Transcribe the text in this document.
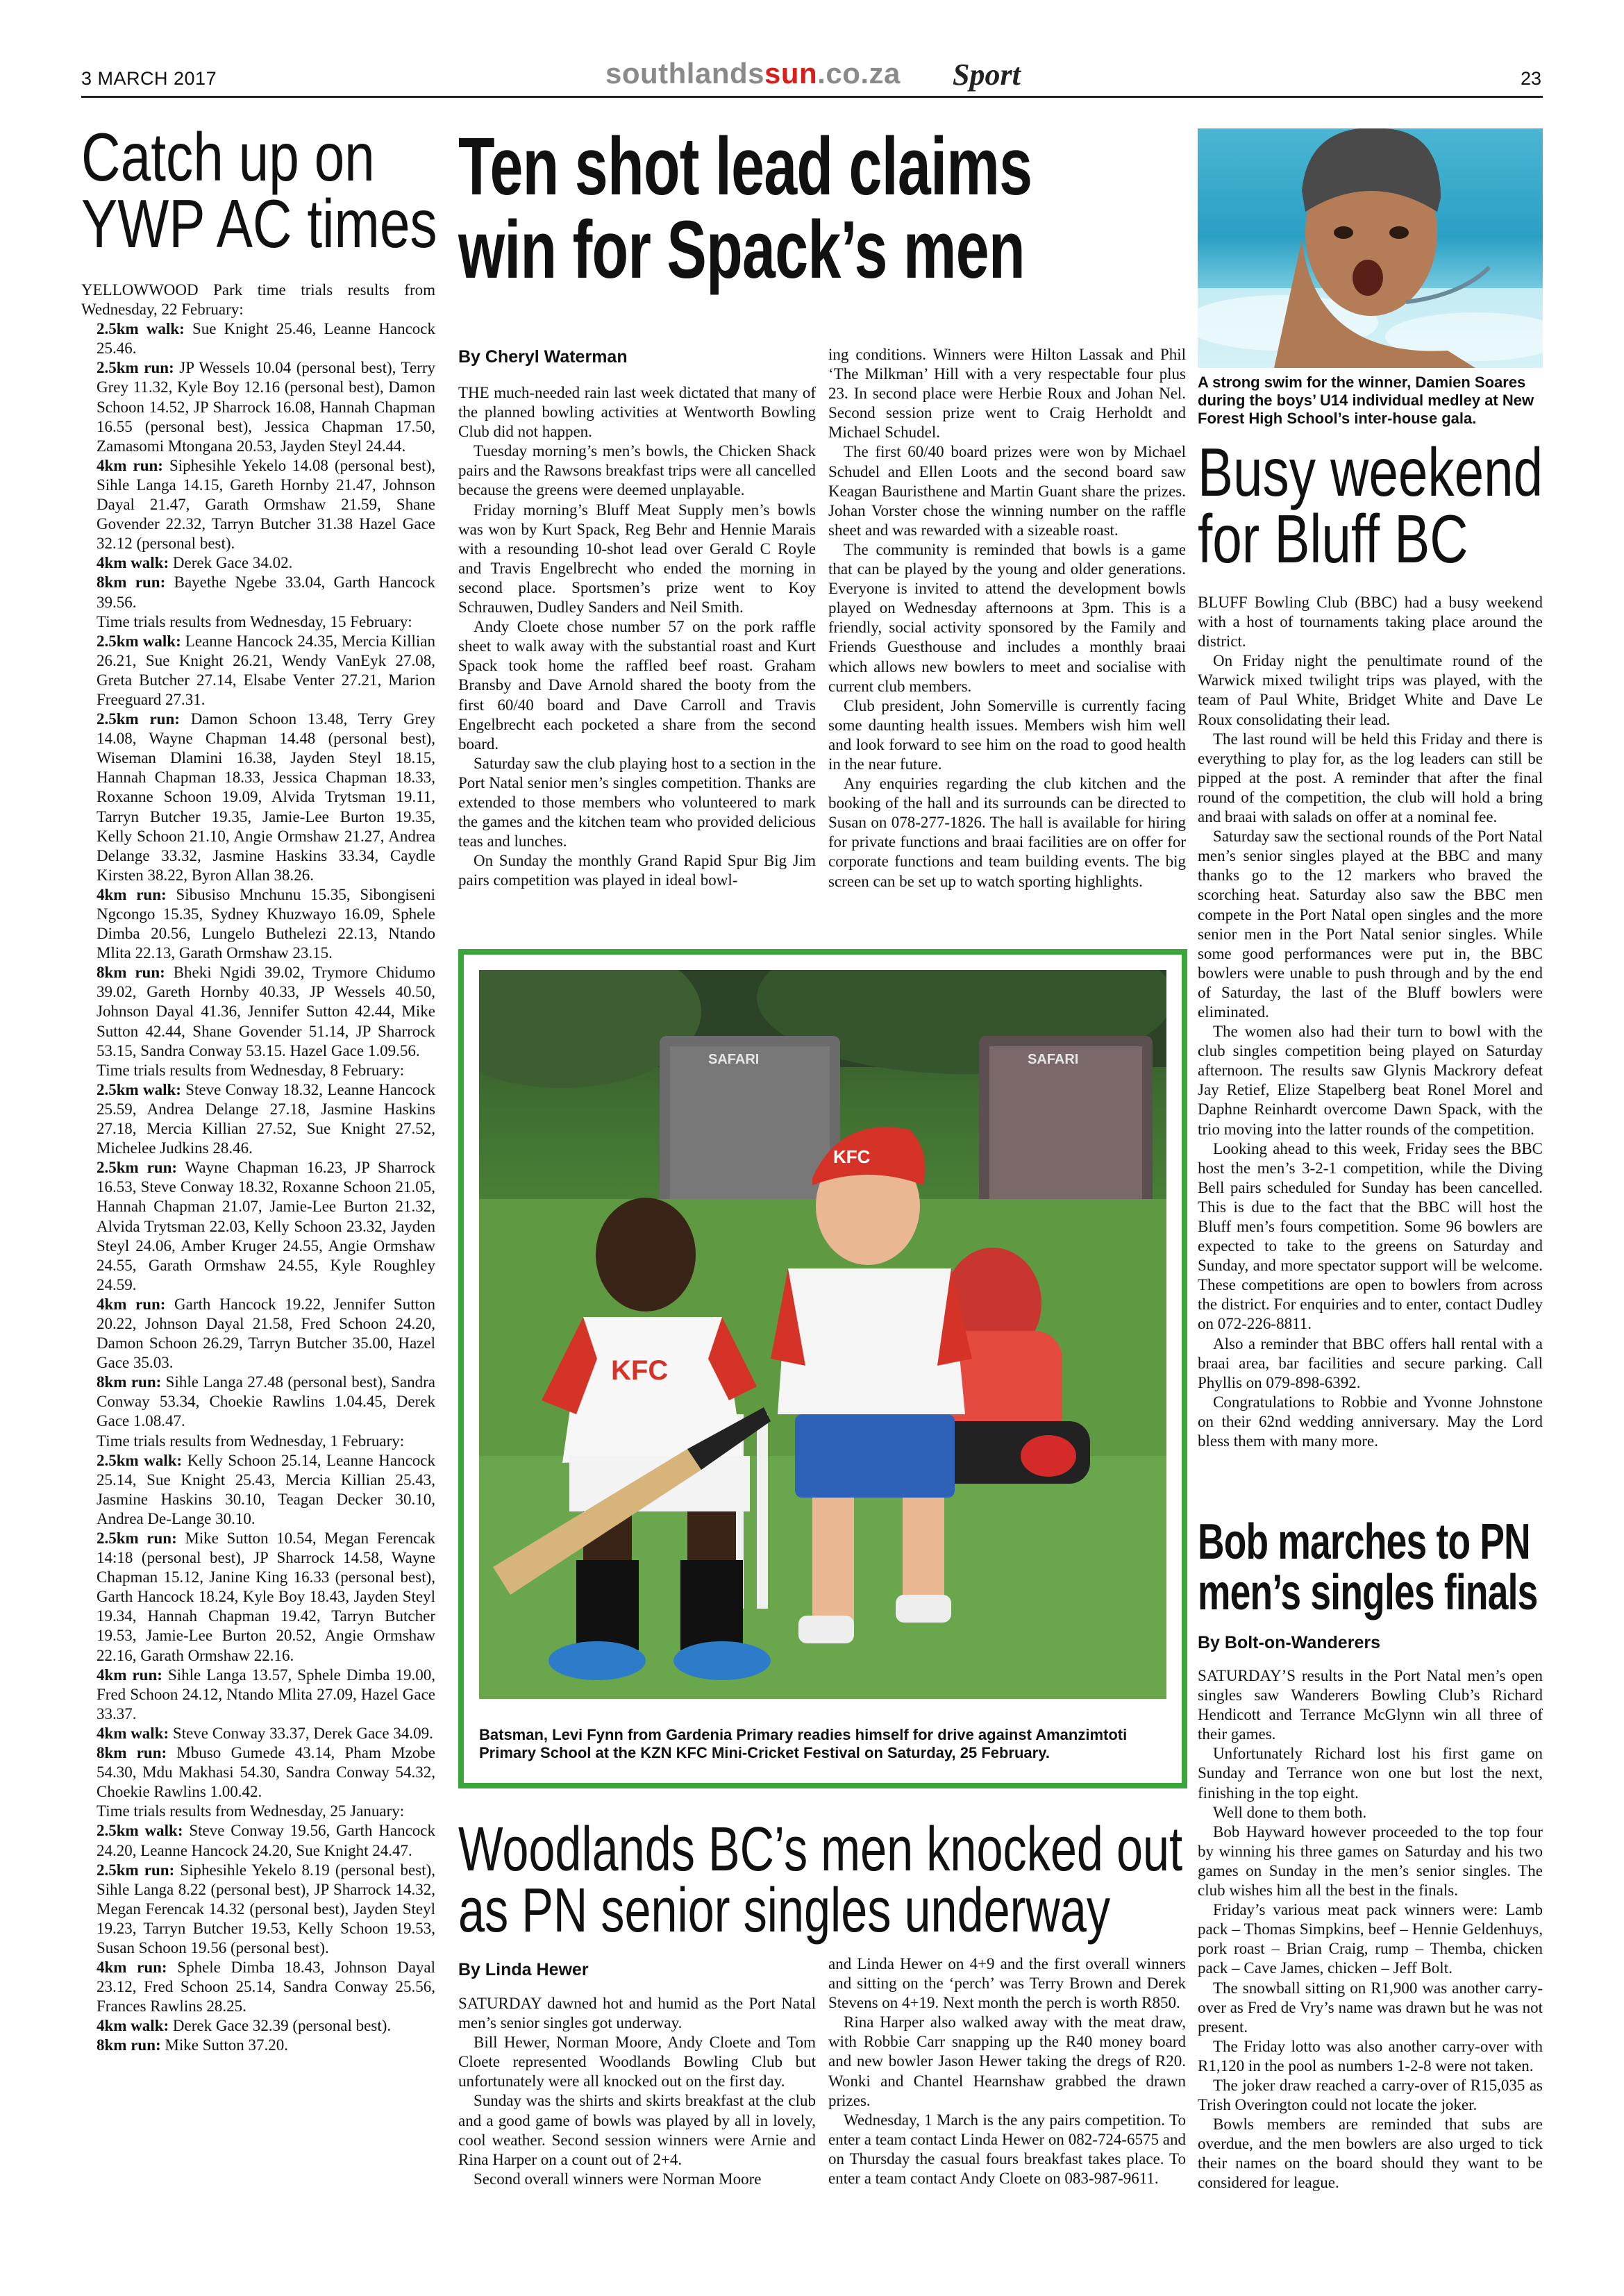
3 MARCH 2017	southlandssun.co.za Sport	23
Catch up on
YWP AC times

YELLOWWOOD Park time trials results from Wednesday, 22 February:

2.5km walk: Sue Knight 25.46, Leanne Hancock 25.46.

2.5km run: JP Wessels 10.04 (personal best), Terry Grey 11.32, Kyle Boy 12.16 (personal best), Damon Schoon 14.52, JP Sharrock 16.08, Hannah Chapman 16.55 (personal best), Jessica Chapman 17.50, Zamasomi Mtongana 20.53, Jayden Steyl 24.44.

4km run: Siphesihle Yekelo 14.08 (personal best), Sihle Langa 14.15, Gareth Hornby 21.47, Johnson Dayal 21.47, Garath Ormshaw 21.59, Shane Govender 22.32, Tarryn Butcher 31.38 Hazel Gace 32.12 (personal best).

4km walk: Derek Gace 34.02.

8km run: Bayethe Ngebe 33.04, Garth Hancock 39.56.

Time trials results from Wednesday, 15 February:

2.5km walk: Leanne Hancock 24.35, Mercia Killian 26.21, Sue Knight 26.21, Wendy VanEyk 27.08, Greta Butcher 27.14, Elsabe Venter 27.21, Marion Freeguard 27.31.

2.5km run: Damon Schoon 13.48, Terry Grey 14.08, Wayne Chapman 14.48 (personal best), Wiseman Dlamini 16.38, Jayden Steyl 18.15, Hannah Chapman 18.33, Jessica Chapman 18.33, Roxanne Schoon 19.09, Alvida Trytsman 19.11, Tarryn Butcher 19.35, Jamie-Lee Burton 19.35, Kelly Schoon 21.10, Angie Ormshaw 21.27, Andrea Delange 33.32, Jasmine Haskins 33.34, Caydle Kirsten 38.22, Byron Allan 38.26.

4km run: Sibusiso Mnchunu 15.35, Sibongiseni Ngcongo 15.35, Sydney Khuzwayo 16.09, Sphele Dimba 20.56, Lungelo Buthelezi 22.13, Ntando Mlita 22.13, Garath Ormshaw 23.15.

8km run: Bheki Ngidi 39.02, Trymore Chidumo 39.02, Gareth Hornby 40.33, JP Wessels 40.50, Johnson Dayal 41.36, Jennifer Sutton 42.44, Mike Sutton 42.44, Shane Govender 51.14, JP Sharrock 53.15, Sandra Conway 53.15. Hazel Gace 1.09.56.

Time trials results from Wednesday, 8 February:

2.5km walk: Steve Conway 18.32, Leanne Hancock 25.59, Andrea Delange 27.18, Jasmine Haskins 27.18, Mercia Killian 27.52, Sue Knight 27.52, Michelee Judkins 28.46.

2.5km run: Wayne Chapman 16.23, JP Sharrock 16.53, Steve Conway 18.32, Roxanne Schoon 21.05, Hannah Chapman 21.07, Jamie-Lee Burton 21.32, Alvida Trytsman 22.03, Kelly Schoon 23.32, Jayden Steyl 24.06, Amber Kruger 24.55, Angie Ormshaw 24.55, Garath Ormshaw 24.55, Kyle Roughley 24.59.

4km run: Garth Hancock 19.22, Jennifer Sutton 20.22, Johnson Dayal 21.58, Fred Schoon 24.20, Damon Schoon 26.29, Tarryn Butcher 35.00, Hazel Gace 35.03.

8km run: Sihle Langa 27.48 (personal best), Sandra Conway 53.34, Choekie Rawlins 1.04.45, Derek Gace 1.08.47.

Time trials results from Wednesday, 1 February:

2.5km walk: Kelly Schoon 25.14, Leanne Hancock 25.14, Sue Knight 25.43, Mercia Killian 25.43, Jasmine Haskins 30.10, Teagan Decker 30.10, Andrea De-Lange 30.10.

2.5km run: Mike Sutton 10.54, Megan Ferencak 14:18 (personal best), JP Sharrock 14.58, Wayne Chapman 15.12, Janine King 16.33 (personal best), Garth Hancock 18.24, Kyle Boy 18.43, Jayden Steyl 19.34, Hannah Chapman 19.42, Tarryn Butcher 19.53, Jamie-Lee Burton 20.52, Angie Ormshaw 22.16, Garath Ormshaw 22.16.

4km run: Sihle Langa 13.57, Sphele Dimba 19.00, Fred Schoon 24.12, Ntando Mlita 27.09, Hazel Gace 33.37.

4km walk: Steve Conway 33.37, Derek Gace 34.09.

8km run: Mbuso Gumede 43.14, Pham Mzobe 54.30, Mdu Makhasi 54.30, Sandra Conway 54.32, Choekie Rawlins 1.00.42.

Time trials results from Wednesday, 25 January:

2.5km walk: Steve Conway 19.56, Garth Hancock 24.20, Leanne Hancock 24.20, Sue Knight 24.47.

2.5km run: Siphesihle Yekelo 8.19 (personal best), Sihle Langa 8.22 (personal best), JP Sharrock 14.32, Megan Ferencak 14.32 (personal best), Jayden Steyl 19.23, Tarryn Butcher 19.53, Kelly Schoon 19.53, Susan Schoon 19.56 (personal best).

4km run: Sphele Dimba 18.43, Johnson Dayal 23.12, Fred Schoon 25.14, Sandra Conway 25.56, Frances Rawlins 28.25.

4km walk: Derek Gace 32.39 (personal best).

8km run: Mike Sutton 37.20.

Ten shot lead claims
win for Spack’s men
By Cheryl Waterman

THE much-needed rain last week dictated that many of the planned bowling activities at Wentworth Bowling Club did not happen.

Tuesday morning’s men’s bowls, the Chicken Shack pairs and the Rawsons breakfast trips were all cancelled because the greens were deemed unplayable.

Friday morning’s Bluff Meat Supply men’s bowls was won by Kurt Spack, Reg Behr and Hennie Marais with a resounding 10-shot lead over Gerald C Royle and Travis Engelbrecht who ended the morning in second place. Sportsmen’s prize went to Koy Schrauwen, Dudley Sanders and Neil Smith.

Andy Cloete chose number 57 on the pork raffle sheet to walk away with the substantial roast and Kurt Spack took home the raffled beef roast. Graham Bransby and Dave Arnold shared the booty from the first 60/40 board and Dave Carroll and Travis Engelbrecht each pocketed a share from the second board.

Saturday saw the club playing host to a section in the Port Natal senior men’s singles competition. Thanks are extended to those members who volunteered to mark the games and the kitchen team who provided delicious teas and lunches.

On Sunday the monthly Grand Rapid Spur Big Jim pairs competition was played in ideal bowl-

ing conditions. Winners were Hilton Lassak and Phil ‘The Milkman’ Hill with a very respectable four plus 23. In second place were Herbie Roux and Johan Nel. Second session prize went to Craig Herholdt and Michael Schudel.

The first 60/40 board prizes were won by Michael Schudel and Ellen Loots and the second board saw Keagan Bauristhene and Martin Guant share the prizes. Johan Vorster chose the winning number on the raffle sheet and was rewarded with a sizeable roast.

The community is reminded that bowls is a game that can be played by the young and older generations. Everyone is invited to attend the development bowls played on Wednesday afternoons at 3pm. This is a friendly, social activity sponsored by the Family and Friends Guesthouse and includes a monthly braai which allows new bowlers to meet and socialise with current club members.

Club president, John Somerville is currently facing some daunting health issues. Members wish him well and look forward to see him on the road to good health in the near future.

Any enquiries regarding the club kitchen and the booking of the hall and its surrounds can be directed to Susan on 078-277-1826. The hall is available for hiring for private functions and braai facilities are on offer for corporate functions and team building events. The big screen can be set up to watch sporting highlights.

A strong swim for the winner, Damien Soares during the boys’ U14 individual medley at New Forest High School’s inter-house gala.
Busy weekend
for Bluff BC

BLUFF Bowling Club (BBC) had a busy weekend with a host of tournaments taking place around the district.

On Friday night the penultimate round of the Warwick mixed twilight trips was played, with the team of Paul White, Bridget White and Dave Le Roux consolidating their lead.

The last round will be held this Friday and there is everything to play for, as the log leaders can still be pipped at the post. A reminder that after the final round of the competition, the club will hold a bring and braai with salads on offer at a nominal fee.

Saturday saw the sectional rounds of the Port Natal men’s senior singles played at the BBC and many thanks go to the 12 markers who braved the scorching heat. Saturday also saw the BBC men compete in the Port Natal open singles and the more senior men in the Port Natal senior singles. While some good performances were put in, the BBC bowlers were unable to push through and by the end of Saturday, the last of the Bluff bowlers were eliminated.

The women also had their turn to bowl with the club singles competition being played on Saturday afternoon. The results saw Glynis Mackrory defeat Jay Retief, Elize Stapelberg beat Ronel Morel and Daphne Reinhardt overcome Dawn Spack, with the trio moving into the latter rounds of the competition.

Looking ahead to this week, Friday sees the BBC host the men’s 3-2-1 competition, while the Diving Bell pairs scheduled for Sunday has been cancelled. This is due to the fact that the BBC will host the Bluff men’s fours competition. Some 96 bowlers are expected to take to the greens on Saturday and Sunday, and more spectator support will be welcome. These competitions are open to bowlers from across the district. For enquiries and to enter, contact Dudley on 072-226-8811.

Also a reminder that BBC offers hall rental with a braai area, bar facilities and secure parking. Call Phyllis on 079-898-6392.

Congratulations to Robbie and Yvonne Johnstone on their 62nd wedding anniversary. May the Lord bless them with many more.

Bob marches to PN
men’s singles finals
By Bolt-on-Wanderers

SATURDAY’S results in the Port Natal men’s open singles saw Wanderers Bowling Club’s Richard Hendicott and Terrance McGlynn win all three of their games.

Unfortunately Richard lost his first game on Sunday and Terrance won one but lost the next, finishing in the top eight.

Well done to them both.

Bob Hayward however proceeded to the top four by winning his three games on Saturday and his two games on Sunday in the men’s senior singles. The club wishes him all the best in the finals.

Friday’s various meat pack winners were: Lamb pack – Thomas Simpkins, beef – Hennie Geldenhuys, pork roast – Brian Craig, rump – Themba, chicken pack – Cave James, chicken – Jeff Bolt.

The snowball sitting on R1,900 was another carry-over as Fred de Vry’s name was drawn but he was not present.

The Friday lotto was also another carry-over with R1,120 in the pool as numbers 1-2-8 were not taken.

The joker draw reached a carry-over of R15,035 as Trish Overington could not locate the joker.

Bowls members are reminded that subs are overdue, and the men bowlers are also urged to tick their names on the board should they want to be considered for league.

SAFARI	SAFARI
KFC
KFC
Batsman, Levi Fynn from Gardenia Primary readies himself for drive against Amanzimtoti Primary School at the KZN KFC Mini-Cricket Festival on Saturday, 25 February.
Woodlands BC’s men knocked out
as PN senior singles underway
By Linda Hewer

SATURDAY dawned hot and humid as the Port Natal men’s senior singles got underway.

Bill Hewer, Norman Moore, Andy Cloete and Tom Cloete represented Woodlands Bowling Club but unfortunately were all knocked out on the first day.

Sunday was the shirts and skirts breakfast at the club and a good game of bowls was played by all in lovely, cool weather. Second session winners were Arnie and Rina Harper on a count out of 2+4.

Second overall winners were Norman Moore

and Linda Hewer on 4+9 and the first overall winners and sitting on the ‘perch’ was Terry Brown and Derek Stevens on 4+19. Next month the perch is worth R850.

Rina Harper also walked away with the meat draw, with Robbie Carr snapping up the R40 money board and new bowler Jason Hewer taking the dregs of R20. Wonki and Chantel Hearnshaw grabbed the drawn prizes.

Wednesday, 1 March is the any pairs competition. To enter a team contact Linda Hewer on 082-724-6575 and on Thursday the casual fours breakfast takes place. To enter a team contact Andy Cloete on 083-987-9611.
